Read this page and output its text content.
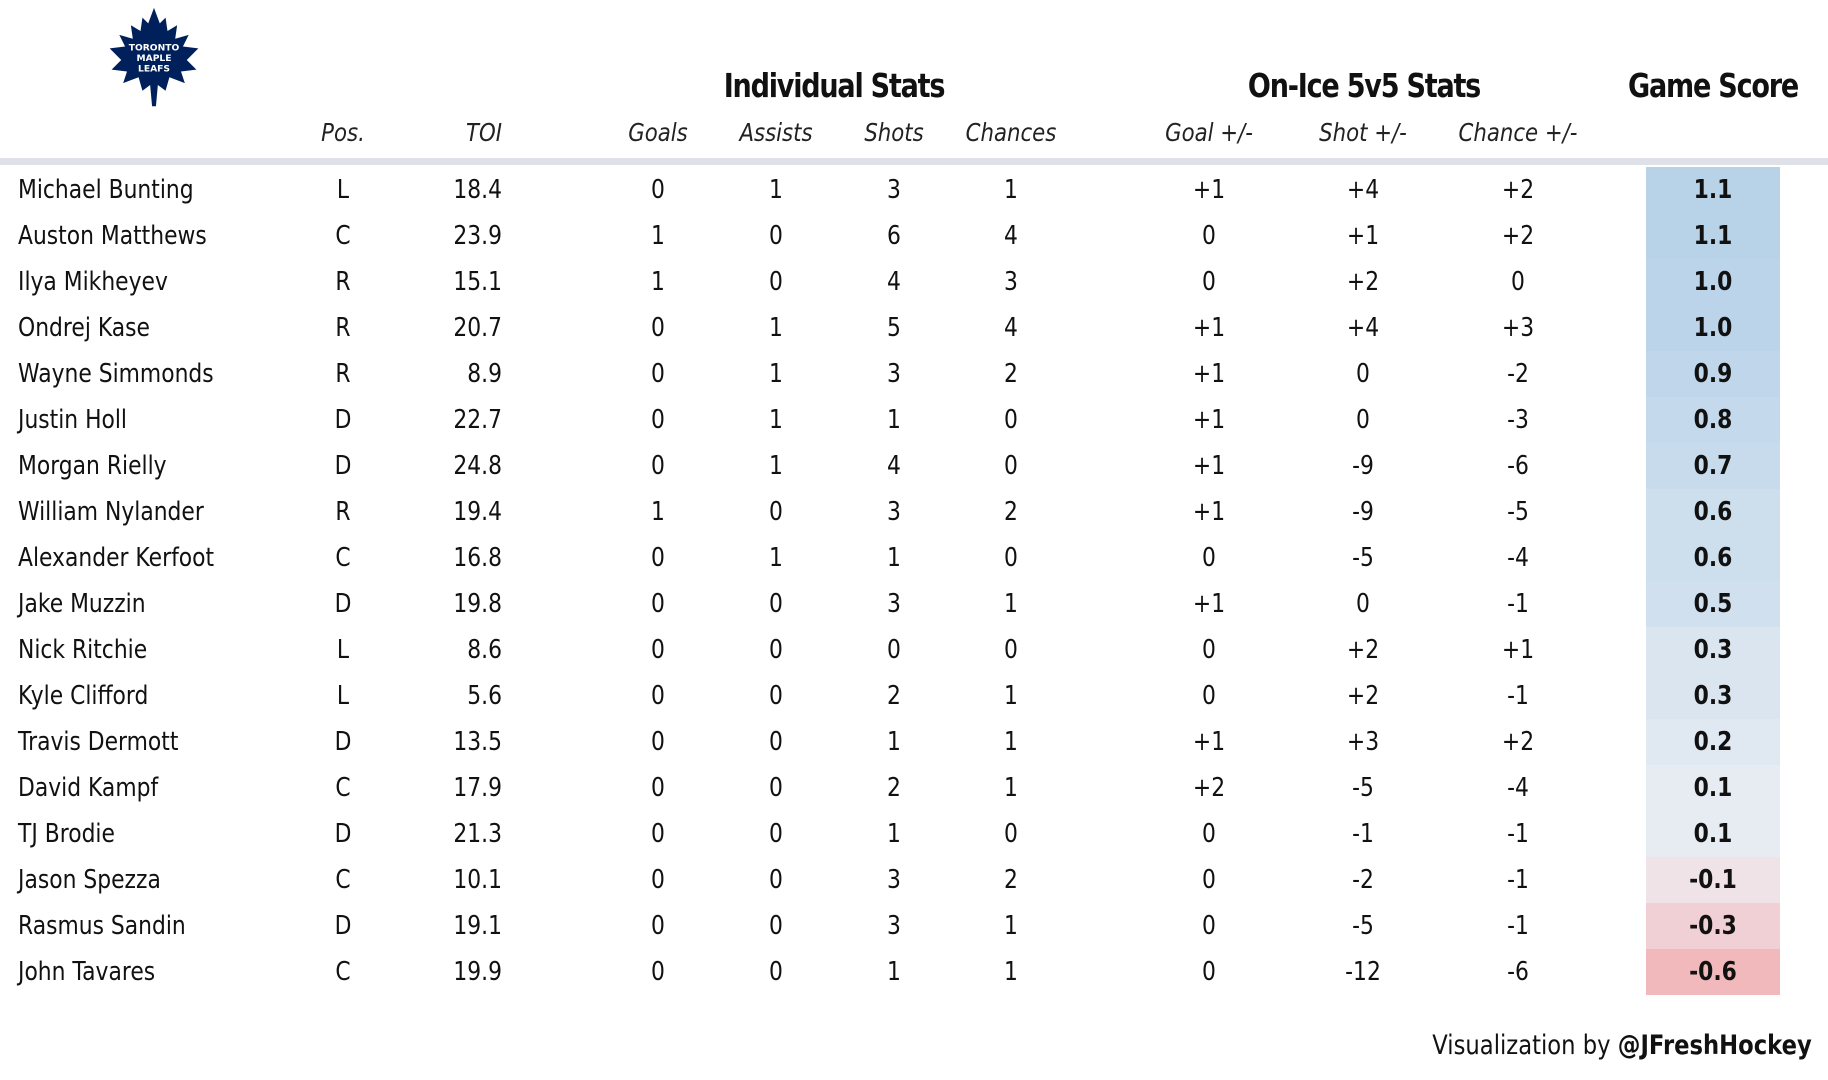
TORONTO
MAPLE
LEAFS	Individual Stats	On-Ice 5v5 Stats	Game Score
Pos.	TOI	Goals	Assists	Shots	Chances	Goal +/-	Shot +/-	Chance +/-
Michael Bunting	L	18.4	0	1	3	1	+1	+4	+2	1.1
Auston Matthews	C	23.9	1	0	6	4	0	+1	+2	1.1
Ilya Mikheyev	R	15.1	1	0	4	3	0	+2	0	1.0
Ondrej Kase	R	20.7	0	1	5	4	+1	+4	+3	1.0
Wayne Simmonds	R	8.9	0	1	3	2	+1	0	-2	0.9
Justin Holl	D	22.7	0	1	1	0	+1	0	-3	0.8
Morgan Rielly	D	24.8	0	1	4	0	+1	-9	-6	0.7
William Nylander	R	19.4	1	0	3	2	+1	-9	-5	0.6
Alexander Kerfoot	C	16.8	0	1	1	0	0	-5	-4	0.6
Jake Muzzin	D	19.8	0	0	3	1	+1	0	-1	0.5
Nick Ritchie	L	8.6	0	0	0	0	0	+2	+1	0.3
Kyle Clifford	L	5.6	0	0	2	1	0	+2	-1	0.3
Travis Dermott	D	13.5	0	0	1	1	+1	+3	+2	0.2
David Kampf	C	17.9	0	0	2	1	+2	-5	-4	0.1
TJ Brodie	D	21.3	0	0	1	0	0	-1	-1	0.1
Jason Spezza	C	10.1	0	0	3	2	0	-2	-1	-0.1
Rasmus Sandin	D	19.1	0	0	3	1	0	-5	-1	-0.3
John Tavares	C	19.9	0	0	1	1	0	-12	-6	-0.6
Visualization by @JFreshHockey
